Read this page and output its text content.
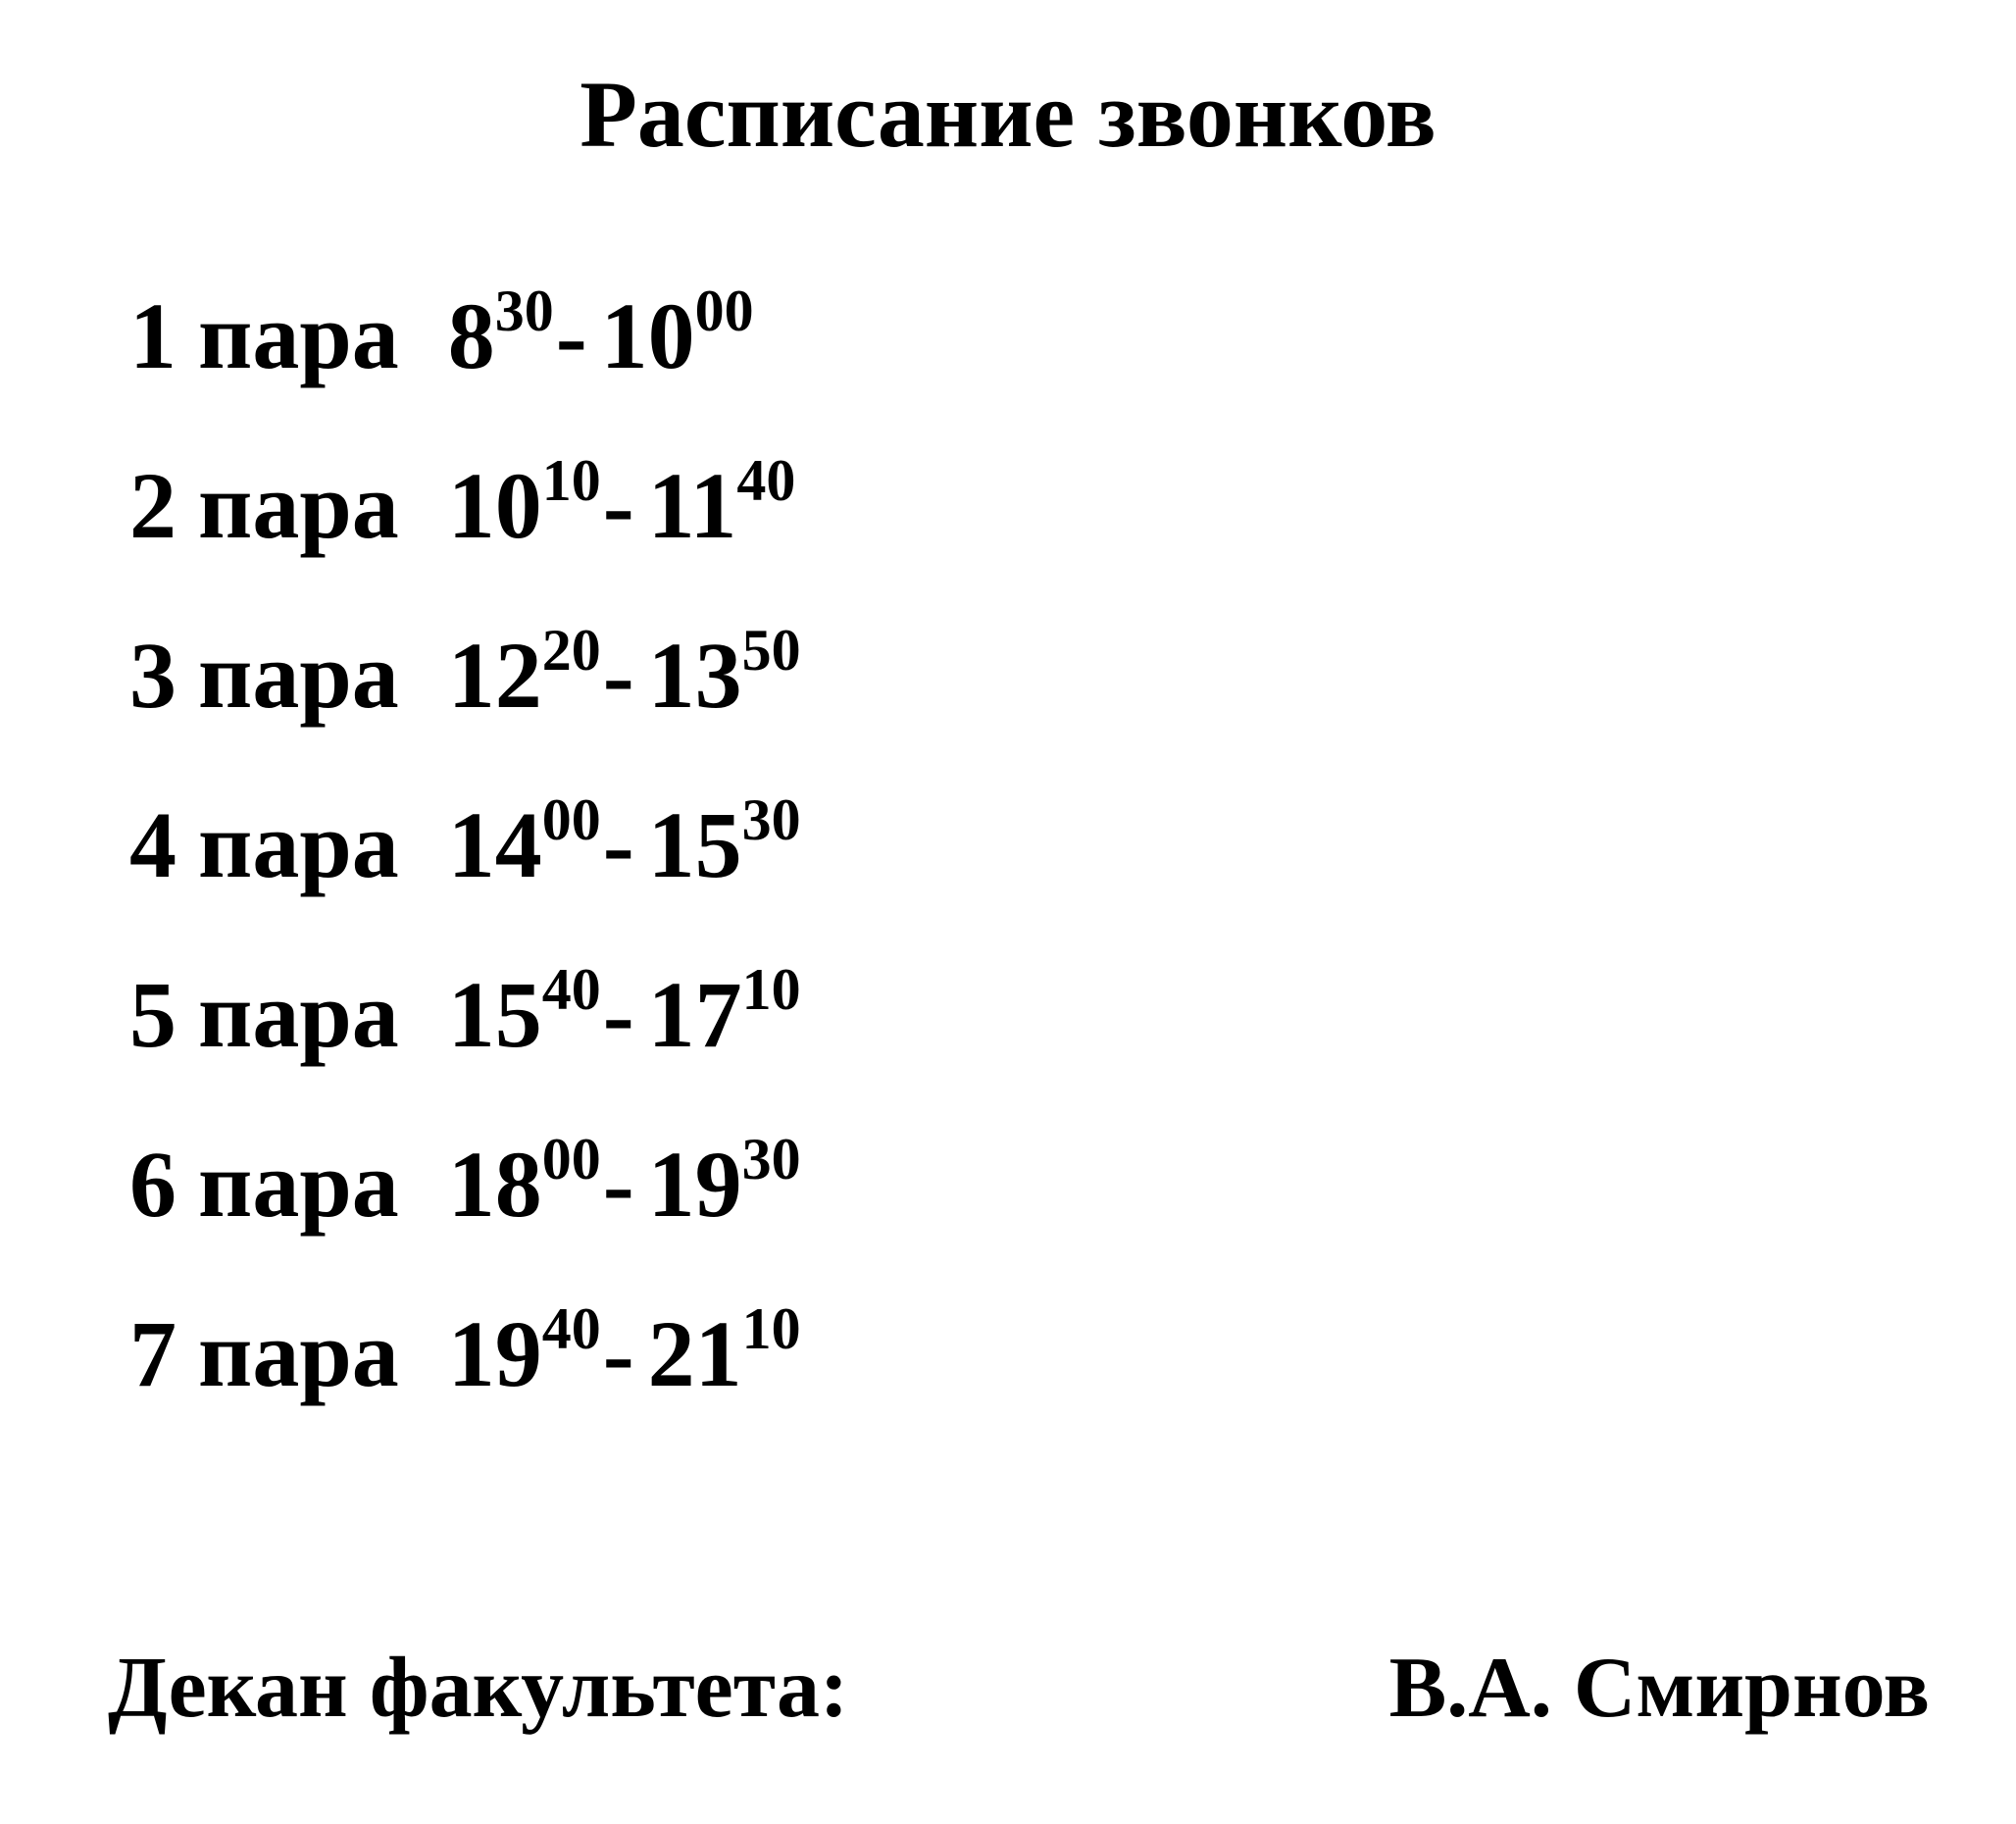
Расписание звонков
1 пара $8^{30}-$ $10^{00}$
2 пара $10^{10}-$ $11^{40}$
3 пара $12^{20}-$ $13^{50}$
4 пара $14^{00}-$ $15^{30}$
5 пара $15^{40}-$ $17^{10}$
6 пара $18^{00}-$ $19^{30}$
7 пара $19^{40}-$ $21^{10}$
Декан факультета:	В.А. Смирнов
